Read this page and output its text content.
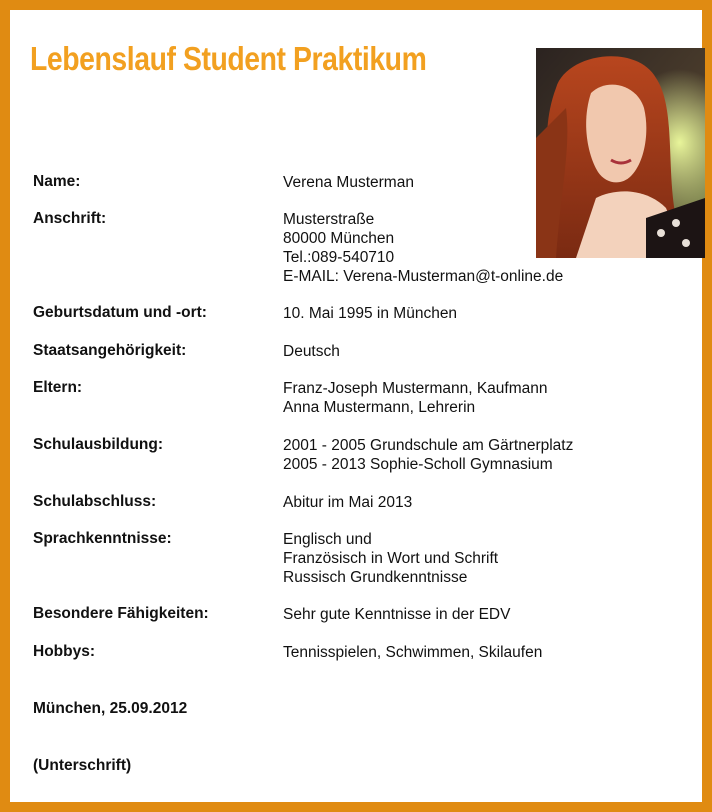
Lebenslauf Student Praktikum
Name:	Verena Musterman
Anschrift:	Musterstraße
80000 München
Tel.:089-540710
E-MAIL: Verena-Musterman@t-online.de
Geburtsdatum und -ort:	10. Mai 1995 in München
Staatsangehörigkeit:	Deutsch
Eltern:	Franz-Joseph Mustermann, Kaufmann
Anna Mustermann, Lehrerin
Schulausbildung:	2001 - 2005 Grundschule am Gärtnerplatz
2005 - 2013 Sophie-Scholl Gymnasium
Schulabschluss:	Abitur im Mai 2013
Sprachkenntnisse:	Englisch und
Französisch in Wort und Schrift
Russisch Grundkenntnisse
Besondere Fähigkeiten:	Sehr gute Kenntnisse in der EDV
Hobbys:	Tennisspielen, Schwimmen, Skilaufen
München, 25.09.2012
(Unterschrift)
